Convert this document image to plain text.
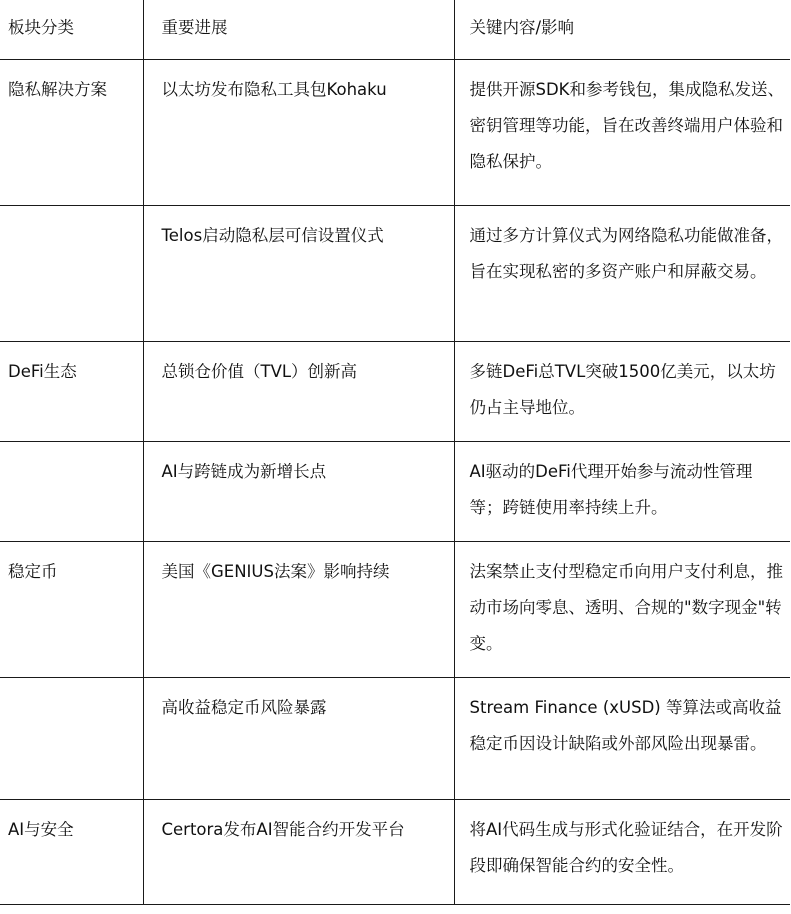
板块分类	重要进展	关键内容/影响
隐私解决方案	以太坊发布隐私工具包Kohaku	提供开源SDK和参考钱包，集成隐私发送、密钥管理等功能，旨在改善终端用户体验和隐私保护。
	Telos启动隐私层可信设置仪式	通过多方计算仪式为网络隐私功能做准备，旨在实现私密的多资产账户和屏蔽交易。
DeFi生态	总锁仓价值（TVL）创新高	多链DeFi总TVL突破1500亿美元，以太坊仍占主导地位。
	AI与跨链成为新增长点	AI驱动的DeFi代理开始参与流动性管理等；跨链使用率持续上升。
稳定币	美国《GENIUS法案》影响持续	法案禁止支付型稳定币向用户支付利息，推动市场向零息、透明、合规的"数字现金"转变。
	高收益稳定币风险暴露	Stream Finance (xUSD) 等算法或高收益稳定币因设计缺陷或外部风险出现暴雷。
AI与安全	Certora发布AI智能合约开发平台	将AI代码生成与形式化验证结合，在开发阶段即确保智能合约的安全性。
